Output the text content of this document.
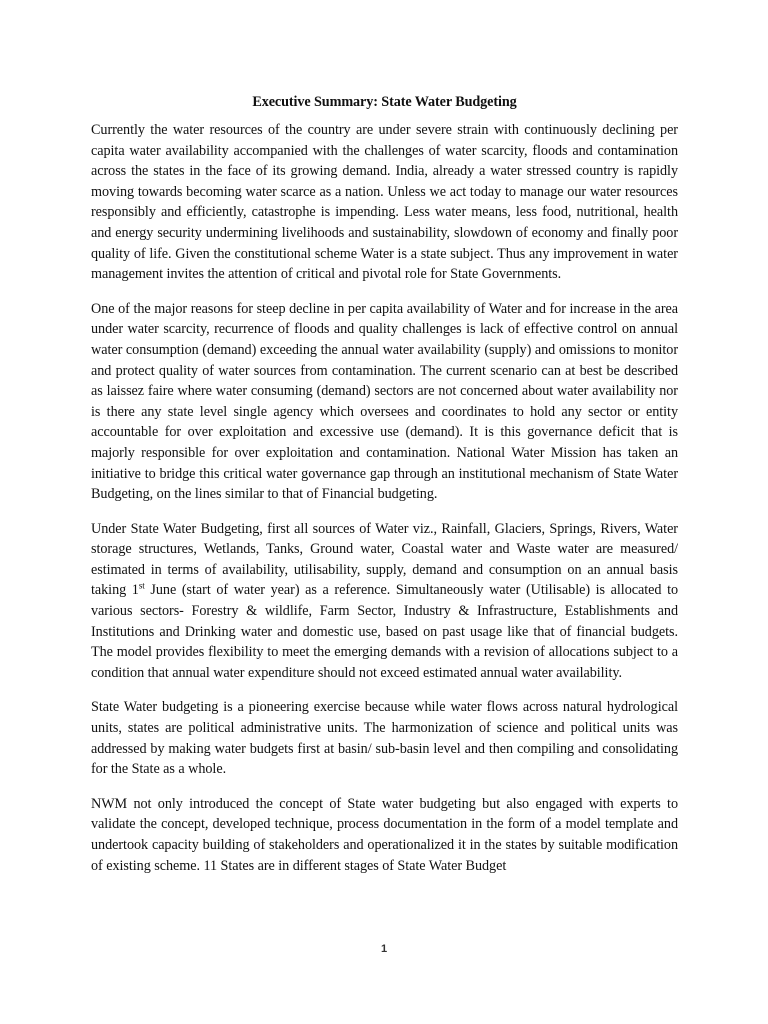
Executive Summary: State Water Budgeting

Currently the water resources of the country are under severe strain with continuously declining per capita water availability accompanied with the challenges of water scarcity, floods and contamination across the states in the face of its growing demand. India, already a water stressed country is rapidly moving towards becoming water scarce as a nation. Unless we act today to manage our water resources responsibly and efficiently, catastrophe is impending. Less water means, less food, nutritional, health and energy security undermining livelihoods and sustainability, slowdown of economy and finally poor quality of life. Given the constitutional scheme Water is a state subject. Thus any improvement in water management invites the attention of critical and pivotal role for State Governments.

One of the major reasons for steep decline in per capita availability of Water and for increase in the area under water scarcity, recurrence of floods and quality challenges is lack of effective control on annual water consumption (demand) exceeding the annual water availability (supply) and omissions to monitor and protect quality of water sources from contamination. The current scenario can at best be described as laissez faire where water consuming (demand) sectors are not concerned about water availability nor is there any state level single agency which oversees and coordinates to hold any sector or entity accountable for over exploitation and excessive use (demand). It is this governance deficit that is majorly responsible for over exploitation and contamination. National Water Mission has taken an initiative to bridge this critical water governance gap through an institutional mechanism of State Water Budgeting, on the lines similar to that of Financial budgeting.

Under State Water Budgeting, first all sources of Water viz., Rainfall, Glaciers, Springs, Rivers, Water storage structures, Wetlands, Tanks, Ground water, Coastal water and Waste water are measured/ estimated in terms of availability, utilisability, supply, demand and consumption on an annual basis taking 1st June (start of water year) as a reference. Simultaneously water (Utilisable) is allocated to various sectors- Forestry & wildlife, Farm Sector, Industry & Infrastructure, Establishments and Institutions and Drinking water and domestic use, based on past usage like that of financial budgets. The model provides flexibility to meet the emerging demands with a revision of allocations subject to a condition that annual water expenditure should not exceed estimated annual water availability.

State Water budgeting is a pioneering exercise because while water flows across natural hydrological units, states are political administrative units. The harmonization of science and political units was addressed by making water budgets first at basin/ sub-basin level and then compiling and consolidating for the State as a whole.

NWM not only introduced the concept of State water budgeting but also engaged with experts to validate the concept, developed technique, process documentation in the form of a model template and undertook capacity building of stakeholders and operationalized it in the states by suitable modification of existing scheme. 11 States are in different stages of State Water Budget

1
